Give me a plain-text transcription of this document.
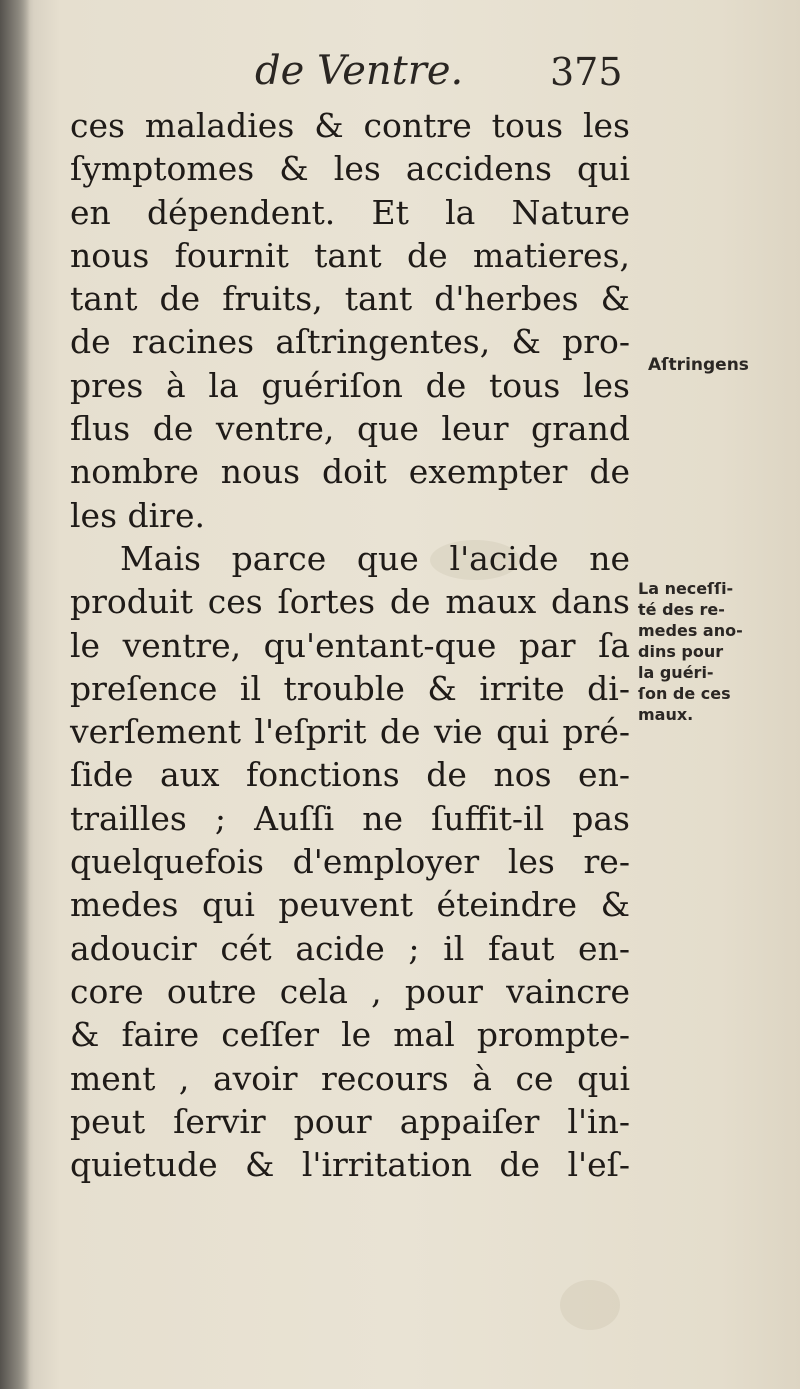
de Ventre. 375
ces maladies & contre tous les
ſymptomes & les accidens qui
en dépendent. Et la Nature
nous fournit tant de matieres,
tant de fruits, tant d'herbes &
de racines aſtringentes, & pro-
pres à la guériſon de tous les
flus de ventre, que leur grand
nombre nous doit exempter de
les dire.
Mais parce que l'acide ne
produit ces ſortes de maux dans
le ventre, qu'entant-que par ſa
preſence il trouble & irrite di-
verſement l'eſprit de vie qui pré-
ſide aux fonctions de nos en-
trailles ; Auſſi ne ſuffit-il pas
quelquefois d'employer les re-
medes qui peuvent éteindre &
adoucir cét acide ; il faut en-
core outre cela , pour vaincre
& faire ceſſer le mal prompte-
ment , avoir recours à ce qui
peut ſervir pour appaiſer l'in-
quietude & l'irritation de l'eſ-
Aſtringens
La neceſſi-
té des re-
medes ano-
dins pour
la guéri-
ſon de ces
maux.
